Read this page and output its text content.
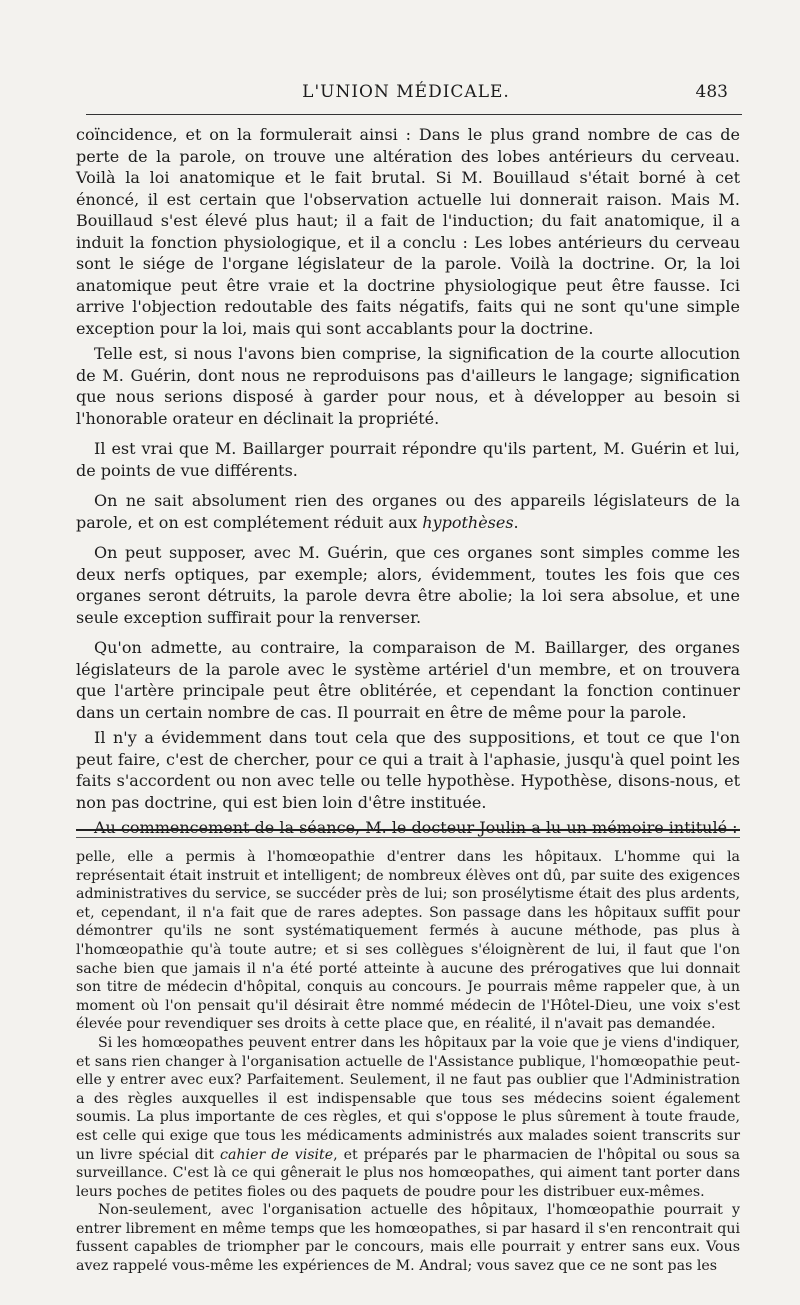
L'UNION MÉDICALE.	483

coïncidence, et on la formulerait ainsi : Dans le plus grand nombre de cas de perte de la parole, on trouve une altération des lobes antérieurs du cerveau. Voilà la loi anatomique et le fait brutal. Si M. Bouillaud s'était borné à cet énoncé, il est certain que l'observation actuelle lui donnerait raison. Mais M. Bouillaud s'est élevé plus haut; il a fait de l'induction; du fait anatomique, il a induit la fonction physiologique, et il a conclu : Les lobes antérieurs du cerveau sont le siége de l'organe législateur de la parole. Voilà la doctrine. Or, la loi anatomique peut être vraie et la doctrine physiologique peut être fausse. Ici arrive l'objection redoutable des faits négatifs, faits qui ne sont qu'une simple exception pour la loi, mais qui sont accablants pour la doctrine.

Telle est, si nous l'avons bien comprise, la signification de la courte allocution de M. Guérin, dont nous ne reproduisons pas d'ailleurs le langage; signification que nous serions disposé à garder pour nous, et à développer au besoin si l'honorable orateur en déclinait la propriété.

Il est vrai que M. Baillarger pourrait répondre qu'ils partent, M. Guérin et lui, de points de vue différents.

On ne sait absolument rien des organes ou des appareils législateurs de la parole, et on est complétement réduit aux hypothèses.

On peut supposer, avec M. Guérin, que ces organes sont simples comme les deux nerfs optiques, par exemple; alors, évidemment, toutes les fois que ces organes seront détruits, la parole devra être abolie; la loi sera absolue, et une seule exception suffirait pour la renverser.

Qu'on admette, au contraire, la comparaison de M. Baillarger, des organes législateurs de la parole avec le système artériel d'un membre, et on trouvera que l'artère principale peut être oblitérée, et cependant la fonction continuer dans un certain nombre de cas. Il pourrait en être de même pour la parole.

Il n'y a évidemment dans tout cela que des suppositions, et tout ce que l'on peut faire, c'est de chercher, pour ce qui a trait à l'aphasie, jusqu'à quel point les faits s'accordent ou non avec telle ou telle hypothèse. Hypothèse, disons-nous, et non pas doctrine, qui est bien loin d'être instituée.

Au commencement de la séance, M. le docteur Joulin a lu un mémoire intitulé :

pelle, elle a permis à l'homœopathie d'entrer dans les hôpitaux. L'homme qui la représentait était instruit et intelligent; de nombreux élèves ont dû, par suite des exigences administratives du service, se succéder près de lui; son prosélytisme était des plus ardents, et, cependant, il n'a fait que de rares adeptes. Son passage dans les hôpitaux suffit pour démontrer qu'ils ne sont systématiquement fermés à aucune méthode, pas plus à l'homœopathie qu'à toute autre; et si ses collègues s'éloignèrent de lui, il faut que l'on sache bien que jamais il n'a été porté atteinte à aucune des prérogatives que lui donnait son titre de médecin d'hôpital, conquis au concours. Je pourrais même rappeler que, à un moment où l'on pensait qu'il désirait être nommé médecin de l'Hôtel-Dieu, une voix s'est élevée pour revendiquer ses droits à cette place que, en réalité, il n'avait pas demandée.

Si les homœopathes peuvent entrer dans les hôpitaux par la voie que je viens d'indiquer, et sans rien changer à l'organisation actuelle de l'Assistance publique, l'homœopathie peut-elle y entrer avec eux? Parfaitement. Seulement, il ne faut pas oublier que l'Administration a des règles auxquelles il est indispensable que tous ses médecins soient également soumis. La plus importante de ces règles, et qui s'oppose le plus sûrement à toute fraude, est celle qui exige que tous les médicaments administrés aux malades soient transcrits sur un livre spécial dit cahier de visite, et préparés par le pharmacien de l'hôpital ou sous sa surveillance. C'est là ce qui gênerait le plus nos homœopathes, qui aiment tant porter dans leurs poches de petites fioles ou des paquets de poudre pour les distribuer eux-mêmes.

Non-seulement, avec l'organisation actuelle des hôpitaux, l'homœopathie pourrait y entrer librement en même temps que les homœopathes, si par hasard il s'en rencontrait qui fussent capables de triompher par le concours, mais elle pourrait y entrer sans eux. Vous avez rappelé vous-même les expériences de M. Andral; vous savez que ce ne sont pas les
